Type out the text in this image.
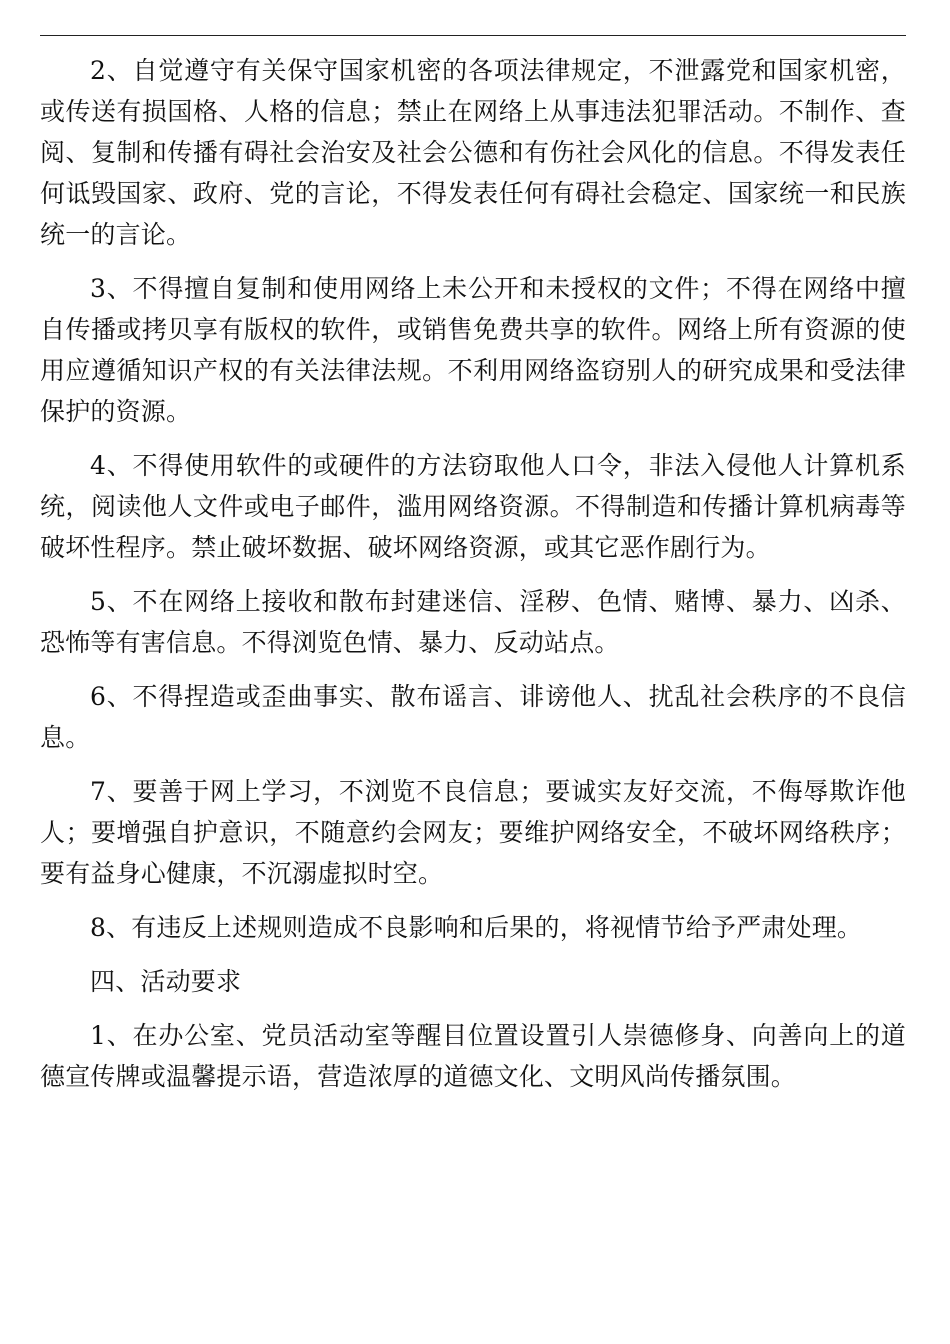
2、自觉遵守有关保守国家机密的各项法律规定，不泄露党和国家机密，或传送有损国格、人格的信息；禁止在网络上从事违法犯罪活动。不制作、查阅、复制和传播有碍社会治安及社会公德和有伤社会风化的信息。不得发表任何诋毁国家、政府、党的言论，不得发表任何有碍社会稳定、国家统一和民族统一的言论。

3、不得擅自复制和使用网络上未公开和未授权的文件；不得在网络中擅自传播或拷贝享有版权的软件，或销售免费共享的软件。网络上所有资源的使用应遵循知识产权的有关法律法规。不利用网络盗窃别人的研究成果和受法律保护的资源。

4、不得使用软件的或硬件的方法窃取他人口令，非法入侵他人计算机系统，阅读他人文件或电子邮件，滥用网络资源。不得制造和传播计算机病毒等破坏性程序。禁止破坏数据、破坏网络资源，或其它恶作剧行为。

5、不在网络上接收和散布封建迷信、淫秽、色情、赌博、暴力、凶杀、恐怖等有害信息。不得浏览色情、暴力、反动站点。

6、不得捏造或歪曲事实、散布谣言、诽谤他人、扰乱社会秩序的不良信息。

7、要善于网上学习，不浏览不良信息；要诚实友好交流，不侮辱欺诈他人；要增强自护意识，不随意约会网友；要维护网络安全，不破坏网络秩序；要有益身心健康，不沉溺虚拟时空。

8、有违反上述规则造成不良影响和后果的，将视情节给予严肃处理。

四、活动要求

1、在办公室、党员活动室等醒目位置设置引人崇德修身、向善向上的道德宣传牌或温馨提示语，营造浓厚的道德文化、文明风尚传播氛围。
